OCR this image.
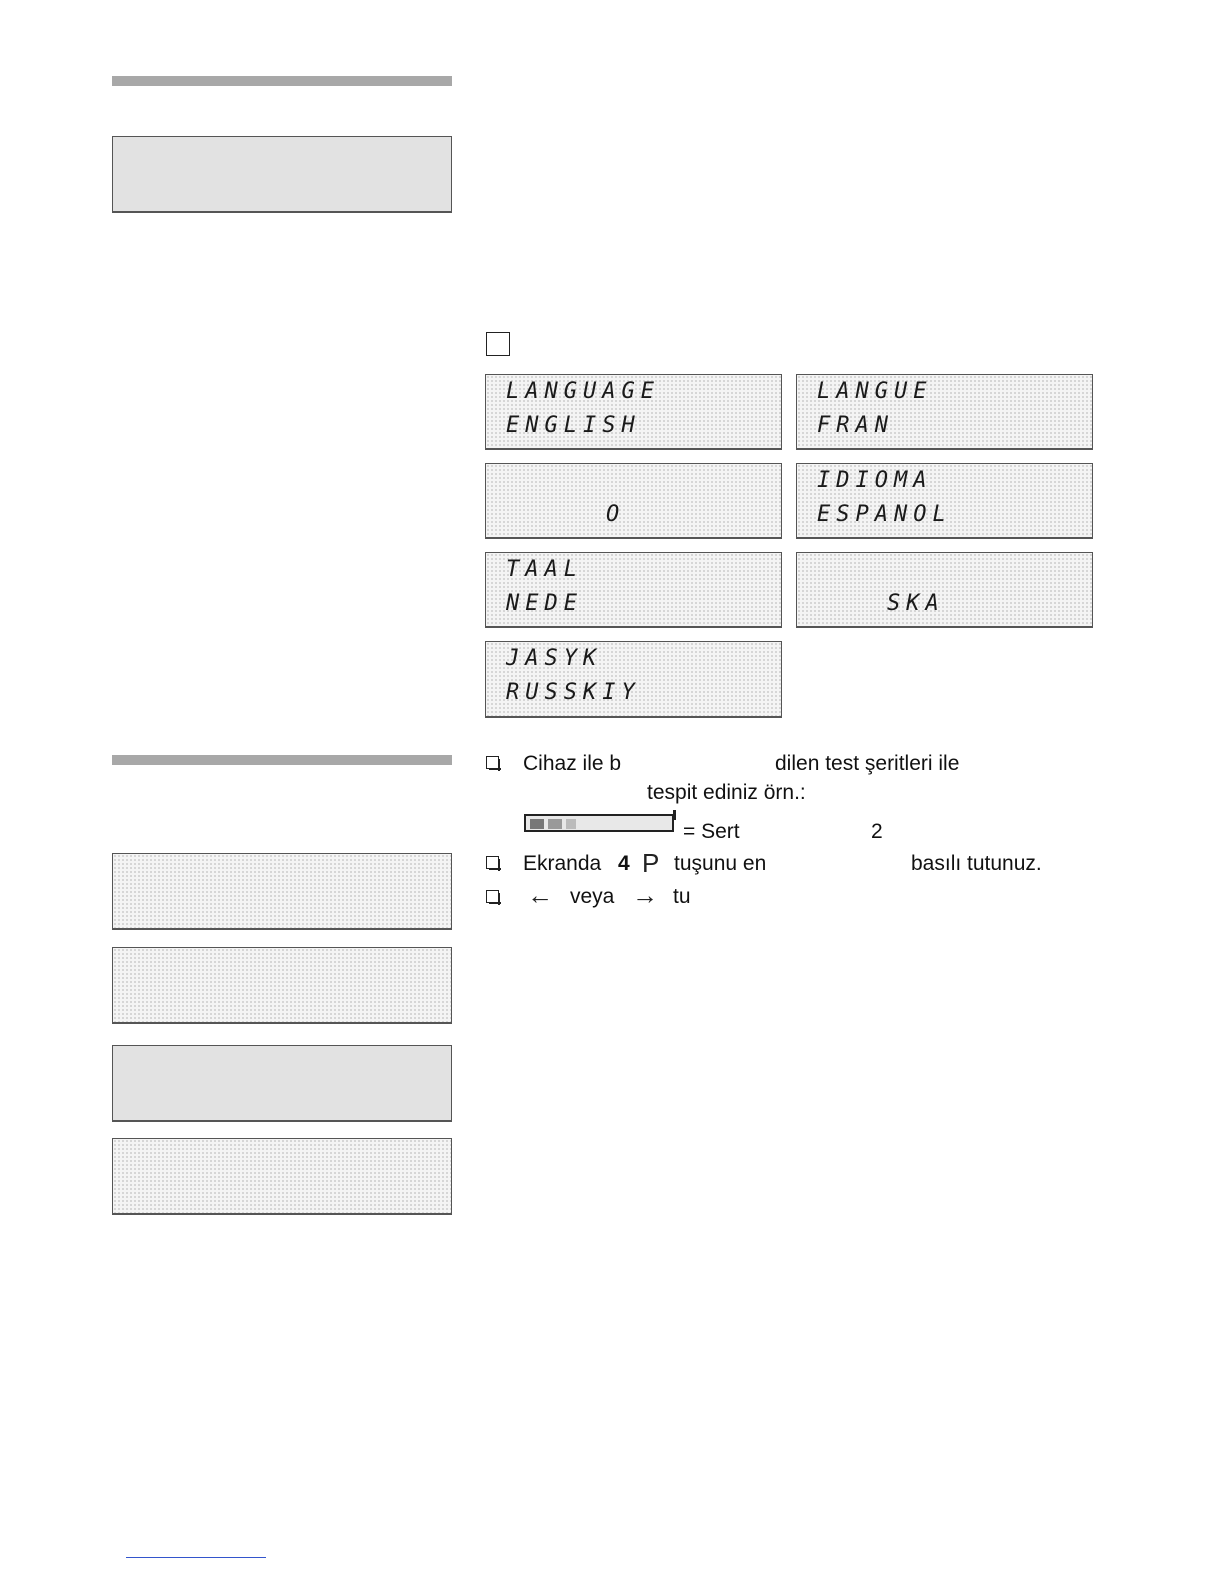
LANGUAGE
ENGLISH
LANGUE
FRAN
O
IDIOMA
ESPANOL
TAAL
NEDE	SKA
JASYK
RUSSKIY
Cihaz ile b	dilen test şeritleri ile
tespit ediniz örn.:
= Sert	2
Ekranda 4 P tuşunu en	basılı tutunuz.
← veya → tu
